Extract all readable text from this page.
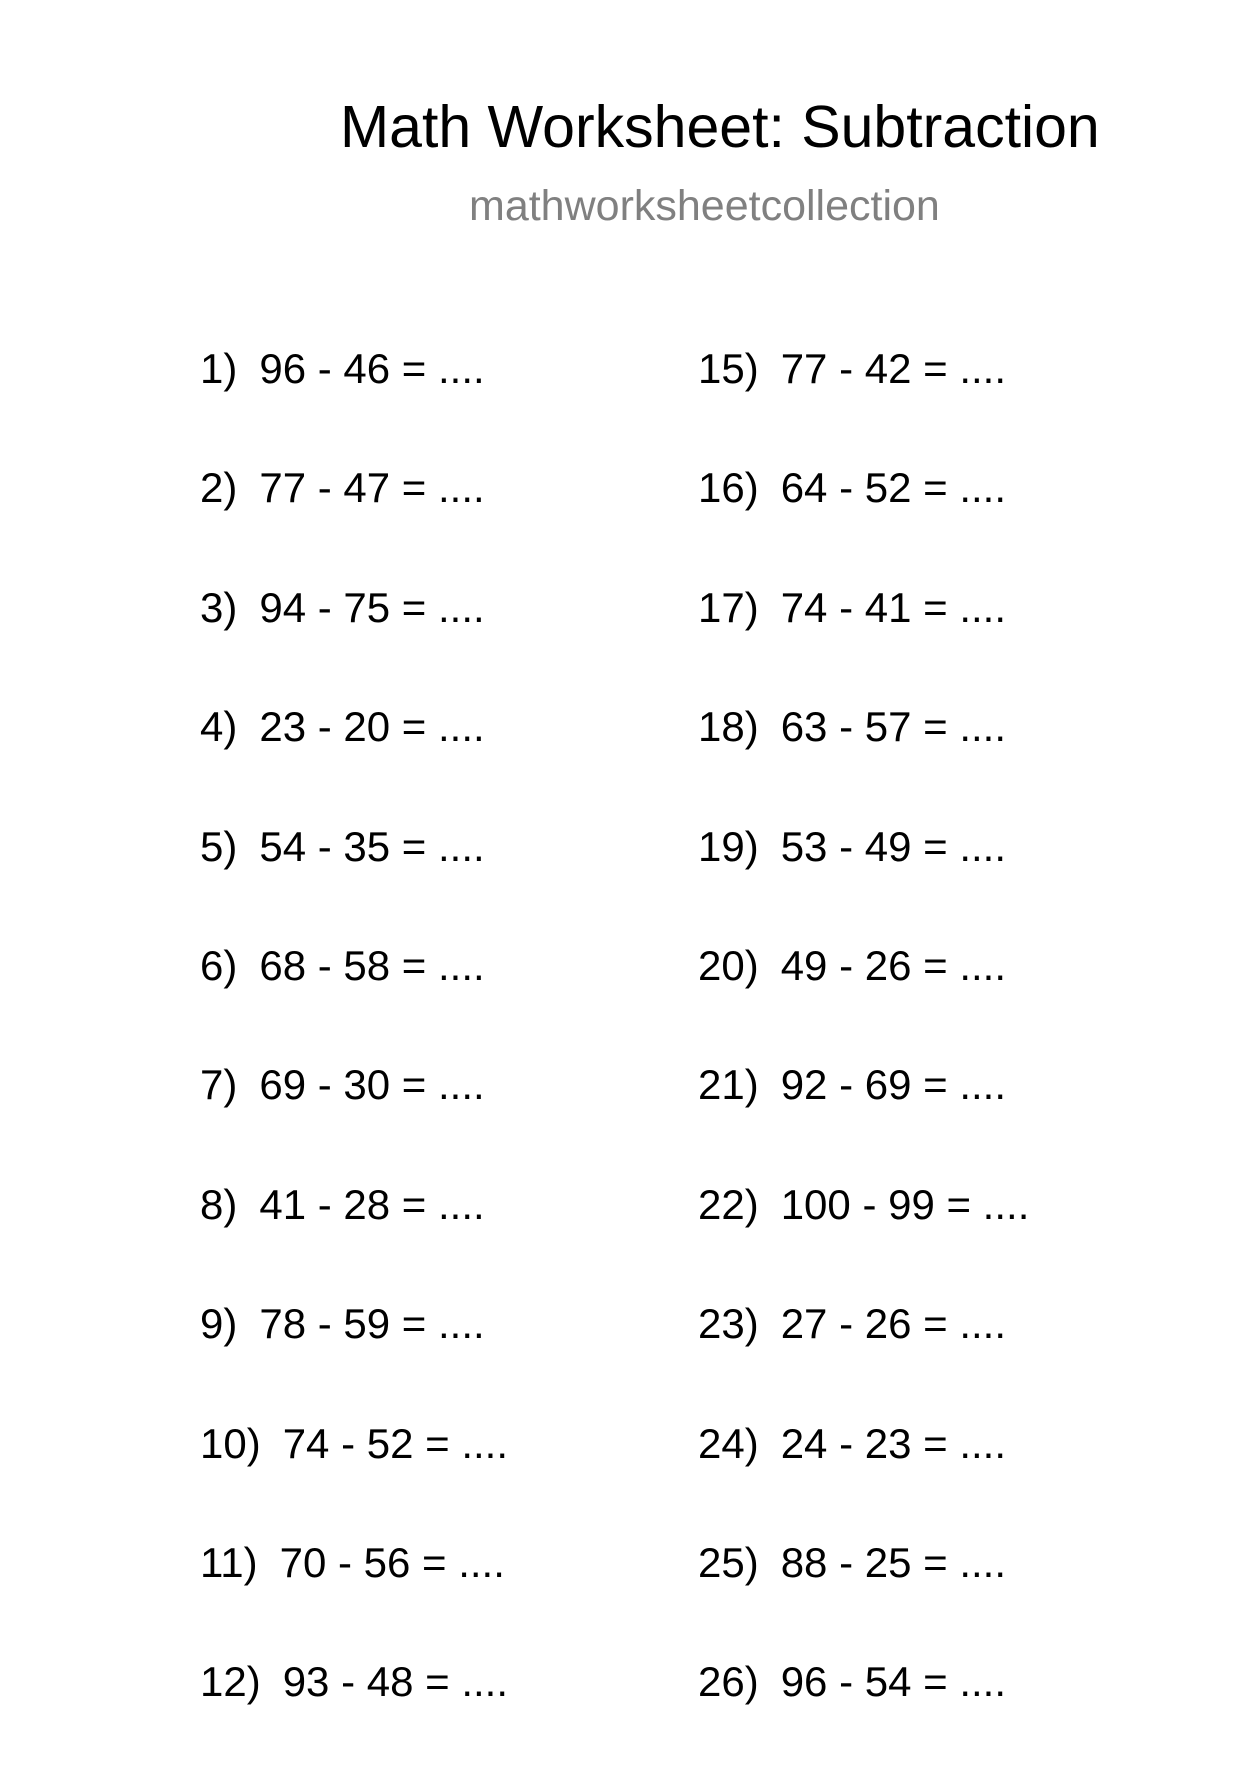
Math Worksheet: Subtraction
mathworksheetcollection
1) 96 - 46 = ....
2) 77 - 47 = ....
3) 94 - 75 = ....
4) 23 - 20 = ....
5) 54 - 35 = ....
6) 68 - 58 = ....
7) 69 - 30 = ....
8) 41 - 28 = ....
9) 78 - 59 = ....
10) 74 - 52 = ....
11) 70 - 56 = ....
12) 93 - 48 = ....
15) 77 - 42 = ....
16) 64 - 52 = ....
17) 74 - 41 = ....
18) 63 - 57 = ....
19) 53 - 49 = ....
20) 49 - 26 = ....
21) 92 - 69 = ....
22) 100 - 99 = ....
23) 27 - 26 = ....
24) 24 - 23 = ....
25) 88 - 25 = ....
26) 96 - 54 = ....
